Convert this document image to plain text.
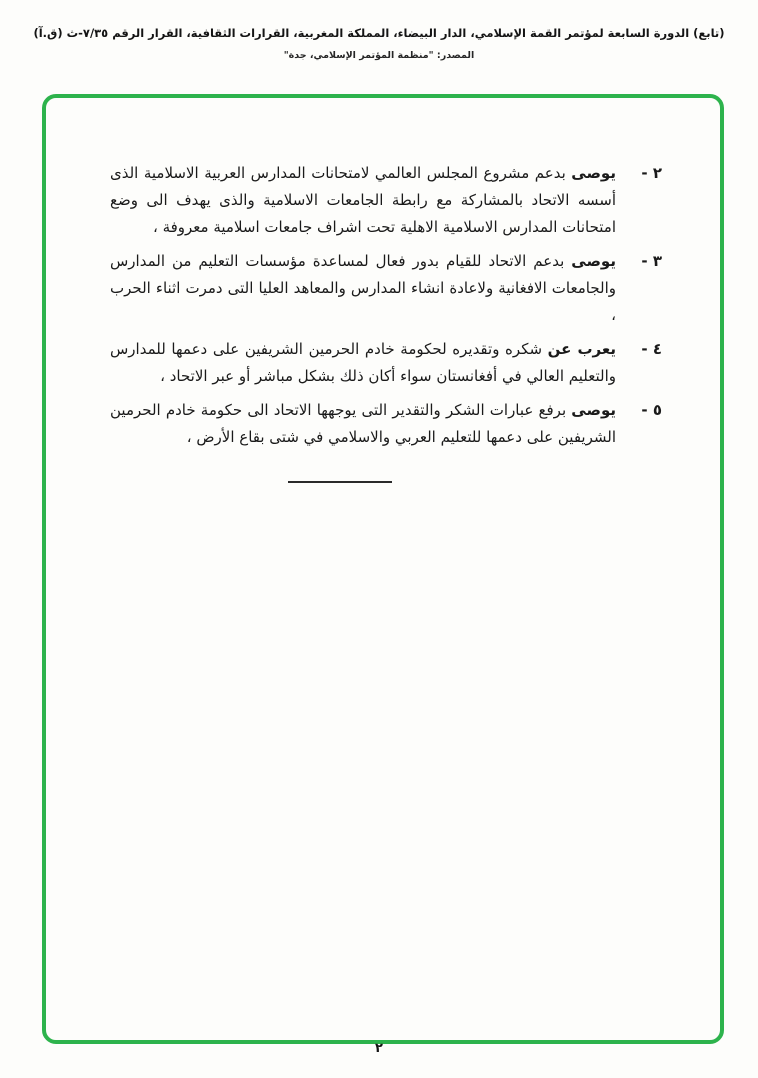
(تابع) الدورة السابعة لمؤتمر القمة الإسلامي، الدار البيضاء، المملكة المغربية، القرارات الثقافية، القرار الرقم ٧/٣٥-ث (ق.آ)
المصدر: "منظمة المؤتمر الإسلامي، جدة"
٢ -

يوصى بدعم مشروع المجلس العالمي لامتحانات المدارس العربية الاسلامية الذى أسسه الاتحاد بالمشاركة مع رابطة الجامعات الاسلامية والذى يهدف الى وضع امتحانات المدارس الاسلامية الاهلية تحت اشراف جامعات اسلامية معروفة ،

٣ -

يوصى بدعم الاتحاد للقيام بدور فعال لمساعدة مؤسسات التعليم من المدارس والجامعات الافغانية ولاعادة انشاء المدارس والمعاهد العليا التى دمرت اثناء الحرب ،

٤ -

يعرب عن شكره وتقديره لحكومة خادم الحرمين الشريفين على دعمها للمدارس والتعليم العالي في أفغانستان سواء أكان ذلك بشكل مباشر أو عبر الاتحاد ،

٥ -

يوصى برفع عبارات الشكر والتقدير التى يوجهها الاتحاد الى حكومة خادم الحرمين الشريفين على دعمها للتعليم العربي والاسلامي في شتى بقاع الأرض ،

٢
